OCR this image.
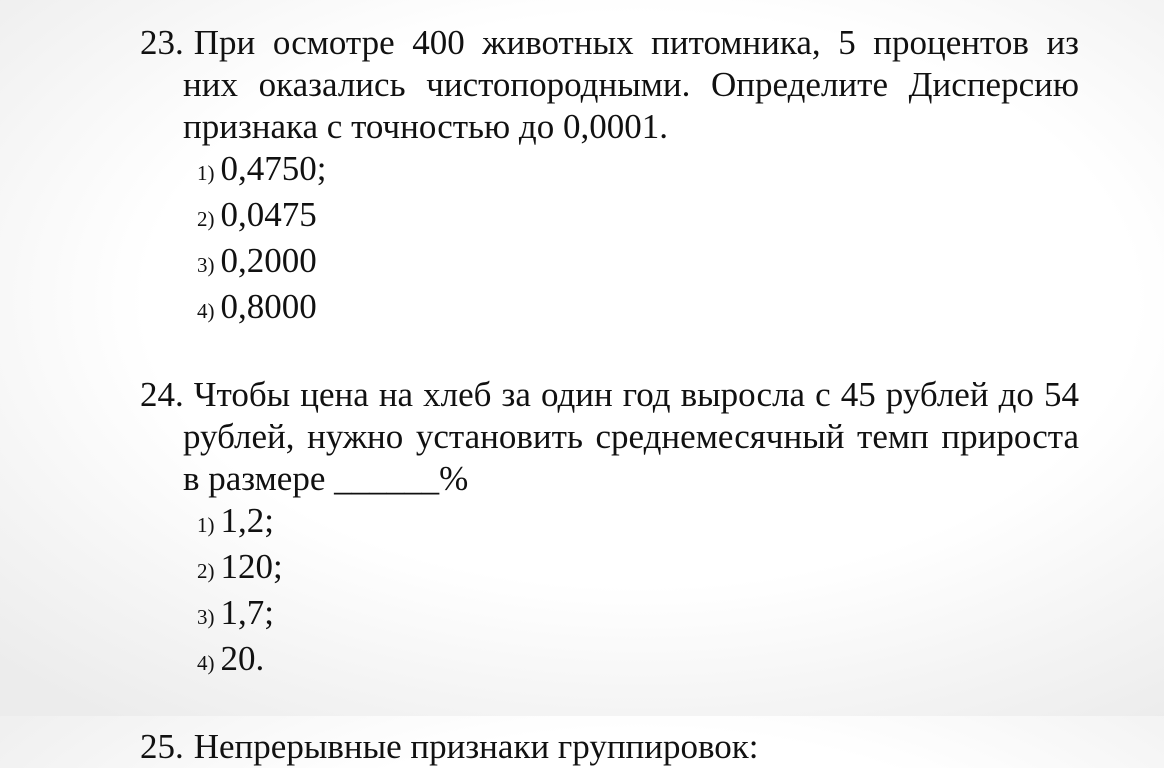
23. При осмотре 400 животных питомника, 5 процентов из них оказались чистопородными. Определите Дисперсию признака с точностью до 0,0001.

1) 0,4750;
2) 0,0475
3) 0,2000
4) 0,8000

24. Чтобы цена на хлеб за один год выросла с 45 рублей до 54 рублей, нужно установить среднемесячный темп прироста в размере ______%

1) 1,2;
2) 120;
3) 1,7;
4) 20.

25. Непрерывные признаки группировок:
